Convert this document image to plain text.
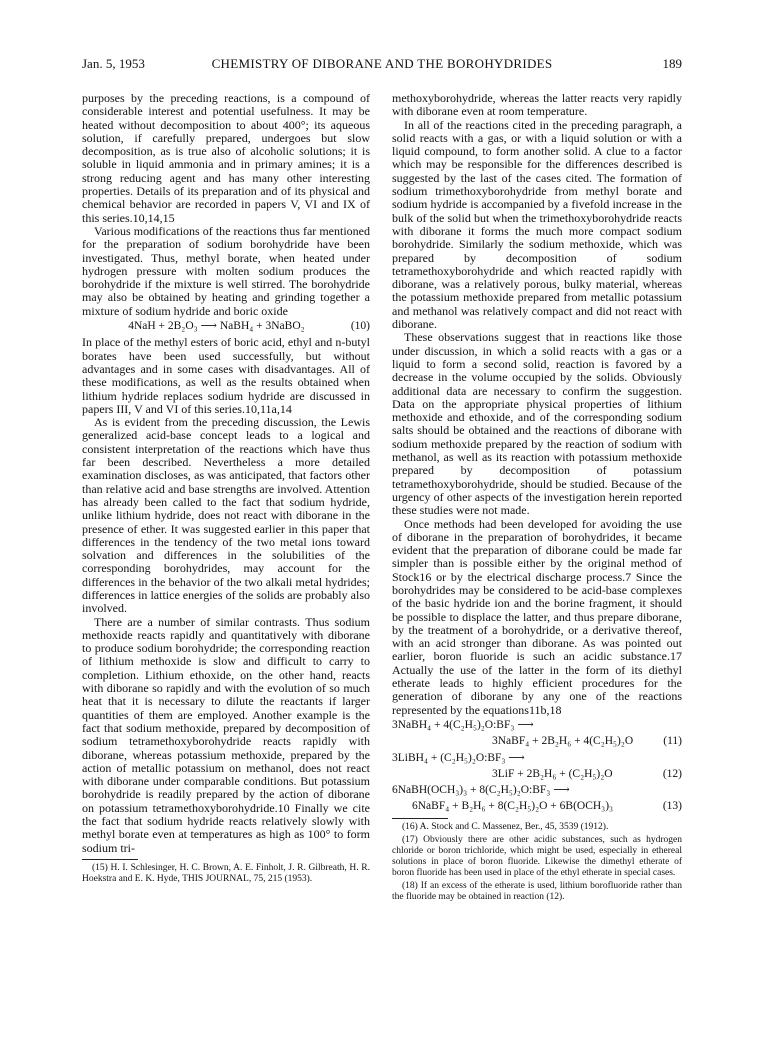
Jan. 5, 1953	CHEMISTRY OF DIBORANE AND THE BOROHYDRIDES	189

purposes by the preceding reactions, is a compound of considerable interest and potential usefulness. It may be heated without decomposition to about 400°; its aqueous solution, if carefully prepared, undergoes but slow decomposition, as is true also of alcoholic solutions; it is soluble in liquid ammonia and in primary amines; it is a strong reducing agent and has many other interesting properties. Details of its preparation and of its physical and chemical behavior are recorded in papers V, VI and IX of this series.10,14,15

Various modifications of the reactions thus far mentioned for the preparation of sodium borohydride have been investigated. Thus, methyl borate, when heated under hydrogen pressure with molten sodium produces the borohydride if the mixture is well stirred. The borohydride may also be obtained by heating and grinding together a mixture of sodium hydride and boric oxide

4NaH + 2B₂O₃ ⟶ NaBH₄ + 3NaBO₂	(10)

In place of the methyl esters of boric acid, ethyl and n-butyl borates have been used successfully, but without advantages and in some cases with disadvantages. All of these modifications, as well as the results obtained when lithium hydride replaces sodium hydride are discussed in papers III, V and VI of this series.10,11a,14

As is evident from the preceding discussion, the Lewis generalized acid-base concept leads to a logical and consistent interpretation of the reactions which have thus far been described. Nevertheless a more detailed examination discloses, as was anticipated, that factors other than relative acid and base strengths are involved. Attention has already been called to the fact that sodium hydride, unlike lithium hydride, does not react with diborane in the presence of ether. It was suggested earlier in this paper that differences in the tendency of the two metal ions toward solvation and differences in the solubilities of the corresponding borohydrides, may account for the differences in the behavior of the two alkali metal hydrides; differences in lattice energies of the solids are probably also involved.

There are a number of similar contrasts. Thus sodium methoxide reacts rapidly and quantitatively with diborane to produce sodium borohydride; the corresponding reaction of lithium methoxide is slow and difficult to carry to completion. Lithium ethoxide, on the other hand, reacts with diborane so rapidly and with the evolution of so much heat that it is necessary to dilute the reactants if larger quantities of them are employed. Another example is the fact that sodium methoxide, prepared by decomposition of sodium tetramethoxyborohydride reacts rapidly with diborane, whereas potassium methoxide, prepared by the action of metallic potassium on methanol, does not react with diborane under comparable conditions. But potassium borohydride is readily prepared by the action of diborane on potassium tetramethoxyborohydride.10 Finally we cite the fact that sodium hydride reacts relatively slowly with methyl borate even at temperatures as high as 100° to form sodium tri-

(15) H. I. Schlesinger, H. C. Brown, A. E. Finholt, J. R. Gilbreath, H. R. Hoekstra and E. K. Hyde, THIS JOURNAL, 75, 215 (1953).

methoxyborohydride, whereas the latter reacts very rapidly with diborane even at room temperature.

In all of the reactions cited in the preceding paragraph, a solid reacts with a gas, or with a liquid solution or with a liquid compound, to form another solid. A clue to a factor which may be responsible for the differences described is suggested by the last of the cases cited. The formation of sodium trimethoxyborohydride from methyl borate and sodium hydride is accompanied by a fivefold increase in the bulk of the solid but when the trimethoxyborohydride reacts with diborane it forms the much more compact sodium borohydride. Similarly the sodium methoxide, which was prepared by decomposition of sodium tetramethoxyborohydride and which reacted rapidly with diborane, was a relatively porous, bulky material, whereas the potassium methoxide prepared from metallic potassium and methanol was relatively compact and did not react with diborane.

These observations suggest that in reactions like those under discussion, in which a solid reacts with a gas or a liquid to form a second solid, reaction is favored by a decrease in the volume occupied by the solids. Obviously additional data are necessary to confirm the suggestion. Data on the appropriate physical properties of lithium methoxide and ethoxide, and of the corresponding sodium salts should be obtained and the reactions of diborane with sodium methoxide prepared by the reaction of sodium with methanol, as well as its reaction with potassium methoxide prepared by decomposition of potassium tetramethoxyborohydride, should be studied. Because of the urgency of other aspects of the investigation herein reported these studies were not made.

Once methods had been developed for avoiding the use of diborane in the preparation of borohydrides, it became evident that the preparation of diborane could be made far simpler than is possible either by the original method of Stock16 or by the electrical discharge process.7 Since the borohydrides may be considered to be acid-base complexes of the basic hydride ion and the borine fragment, it should be possible to displace the latter, and thus prepare diborane, by the treatment of a borohydride, or a derivative thereof, with an acid stronger than diborane. As was pointed out earlier, boron fluoride is such an acidic substance.17 Actually the use of the latter in the form of its diethyl etherate leads to highly efficient procedures for the generation of diborane by any one of the reactions represented by the equations11b,18

3NaBH₄ + 4(C₂H₅)₂O:BF₃ ⟶
3NaBF₄ + 2B₂H₆ + 4(C₂H₅)₂O	(11)
3LiBH₄ + (C₂H₅)₂O:BF₃ ⟶
3LiF + 2B₂H₆ + (C₂H₅)₂O	(12)
6NaBH(OCH₃)₃ + 8(C₂H₅)₂O:BF₃ ⟶
6NaBF₄ + B₂H₆ + 8(C₂H₅)₂O + 6B(OCH₃)₃	(13)

(16) A. Stock and C. Massenez, Ber., 45, 3539 (1912).

(17) Obviously there are other acidic substances, such as hydrogen chloride or boron trichloride, which might be used, especially in ethereal solutions in place of boron fluoride. Likewise the dimethyl etherate of boron fluoride has been used in place of the ethyl etherate in special cases.

(18) If an excess of the etherate is used, lithium borofluoride rather than the fluoride may be obtained in reaction (12).
